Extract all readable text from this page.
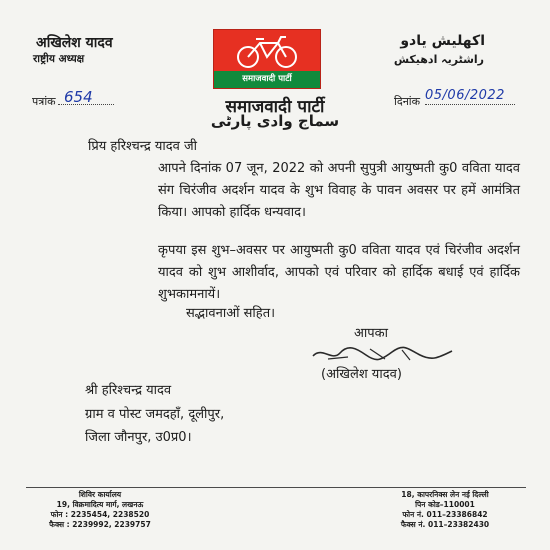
अखिलेश यादव
राष्ट्रीय अध्यक्ष
اکھلیش یادو
راشٹریہ ادھیکش
समाजवादी पार्टी
समाजवादी पार्टी
سماج وادی پارٹی
पत्रांक 654	दिनांक 05/06/2022
प्रिय हरिश्चन्द्र यादव जी
आपने दिनांक 07 जून, 2022 को अपनी सुपुत्री आयुष्मती कु0 वविता यादव संग चिरंजीव अदर्शन यादव के शुभ विवाह के पावन अवसर पर हमें आमंत्रित किया। आपको हार्दिक धन्यवाद।
कृपया इस शुभ–अवसर पर आयुष्मती कु0 वविता यादव एवं चिरंजीव अदर्शन यादव को शुभ आशीर्वाद, आपको एवं परिवार को हार्दिक बधाई एवं हार्दिक शुभकामनायें।
सद्भावनाओं सहित।
आपका
(अखिलेश यादव)
श्री हरिश्चन्द्र यादव
ग्राम व पोस्ट जमदहाँ, दूलीपुर,
जिला जौनपुर, उ0प्र0।
शिविर कार्यालय
19, विक्रमादित्य मार्ग, लखनऊ
फोन : 2235454, 2238520
फैक्स : 2239992, 2239757
18, कापरनिक्स लेन नई दिल्ली
पिन कोड–110001
फोन नं. 011–23386842
फैक्स नं. 011–23382430
